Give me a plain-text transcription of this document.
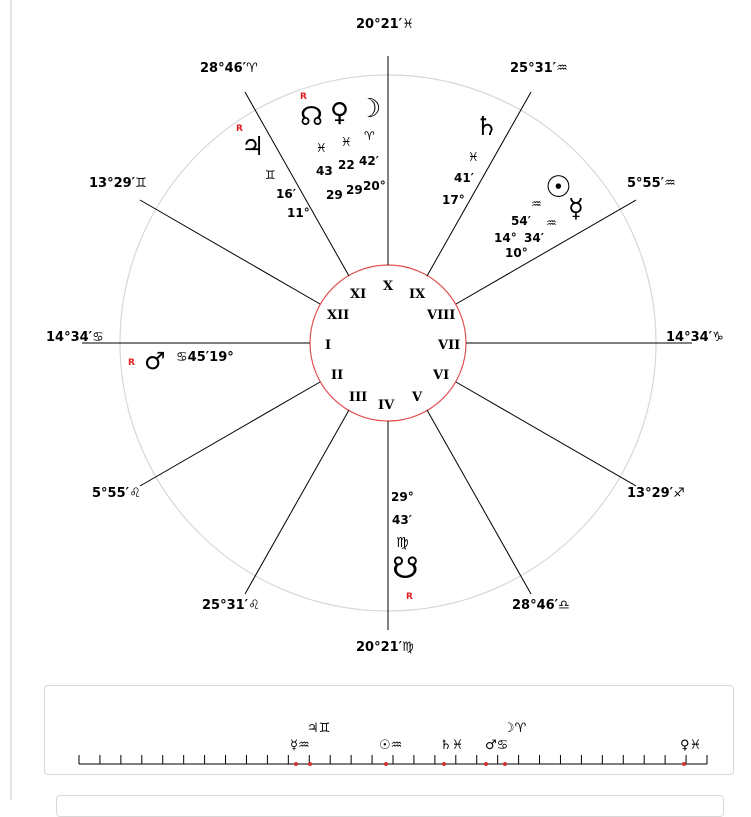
20°21′♓
28°46′♈	25°31′♒
13°29′♊	5°55′♒
14°34′♋	14°34′♑
5°55′♌	13°29′♐
25°31′♌	28°46′♎
20°21′♍
X
XI	IX
XII	VIII
I	VII
II	VI
III	V
IV
R
♃
♊
16′
11°
R
☊ ♀ ☽
♓ ♓ ♈
43 22 42′
29 29 20°
♄
♓
41′
17°	☉
☿
♒
♒
54′
34′
14°
10°
R ♂ ♋45′19°
29°
43′
♍
☋
R
♃♊
☿♒	☉♒	♄♓
☽♈
♂♋	♀♓
